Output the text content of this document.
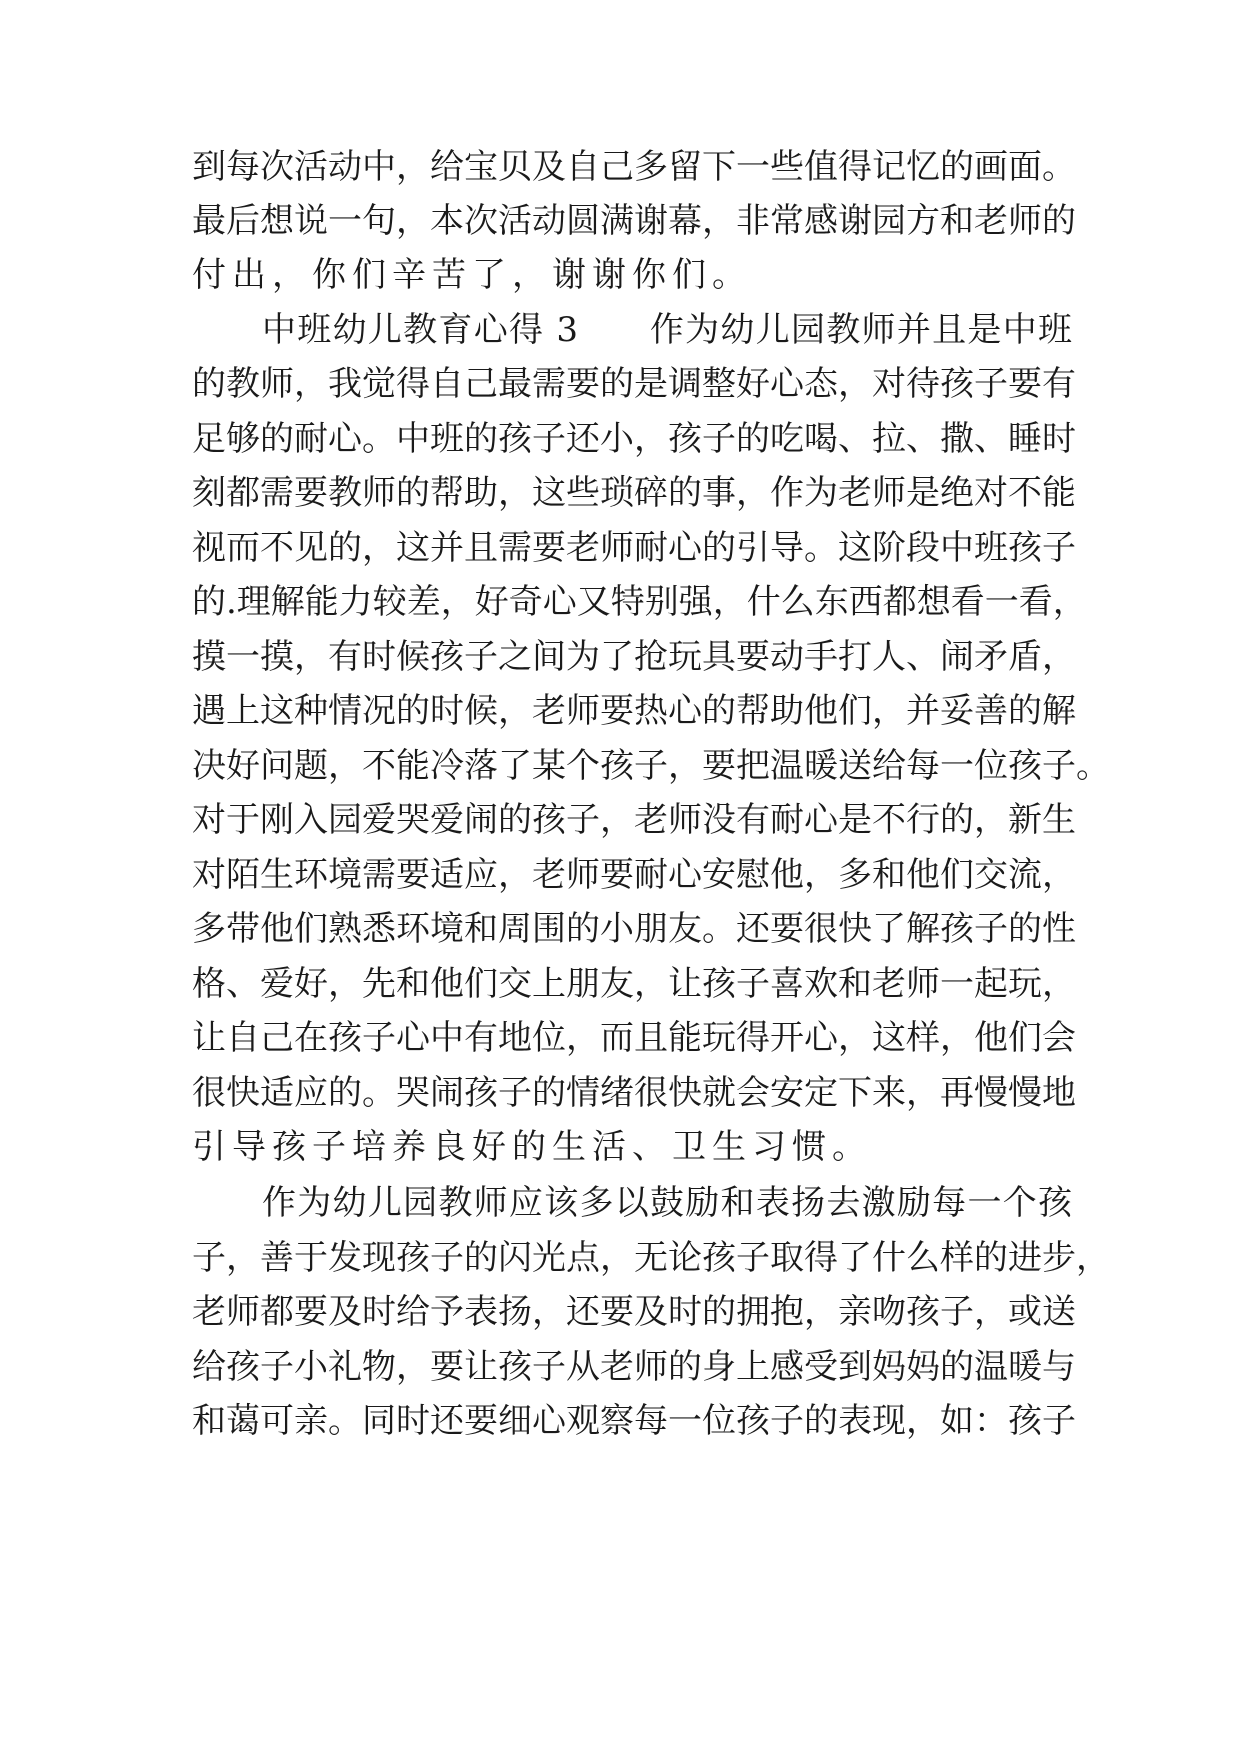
到每次活动中，给宝贝及自己多留下一些值得记忆的画面。
最后想说一句，本次活动圆满谢幕，非常感谢园方和老师的
付出，你们辛苦了，谢谢你们。
中班幼儿教育心得 3　　作为幼儿园教师并且是中班
的教师，我觉得自己最需要的是调整好心态，对待孩子要有
足够的耐心。中班的孩子还小，孩子的吃喝、拉、撒、睡时
刻都需要教师的帮助，这些琐碎的事，作为老师是绝对不能
视而不见的，这并且需要老师耐心的引导。这阶段中班孩子
的.理解能力较差，好奇心又特别强，什么东西都想看一看，
摸一摸，有时候孩子之间为了抢玩具要动手打人、闹矛盾，
遇上这种情况的时候，老师要热心的帮助他们，并妥善的解
决好问题，不能冷落了某个孩子，要把温暖送给每一位孩子。
对于刚入园爱哭爱闹的孩子，老师没有耐心是不行的，新生
对陌生环境需要适应，老师要耐心安慰他，多和他们交流，
多带他们熟悉环境和周围的小朋友。还要很快了解孩子的性
格、爱好，先和他们交上朋友，让孩子喜欢和老师一起玩，
让自己在孩子心中有地位，而且能玩得开心，这样，他们会
很快适应的。哭闹孩子的情绪很快就会安定下来，再慢慢地
引导孩子培养良好的生活、卫生习惯。
作为幼儿园教师应该多以鼓励和表扬去激励每一个孩
子，善于发现孩子的闪光点，无论孩子取得了什么样的进步，
老师都要及时给予表扬，还要及时的拥抱，亲吻孩子，或送
给孩子小礼物，要让孩子从老师的身上感受到妈妈的温暖与
和蔼可亲。同时还要细心观察每一位孩子的表现，如：孩子
